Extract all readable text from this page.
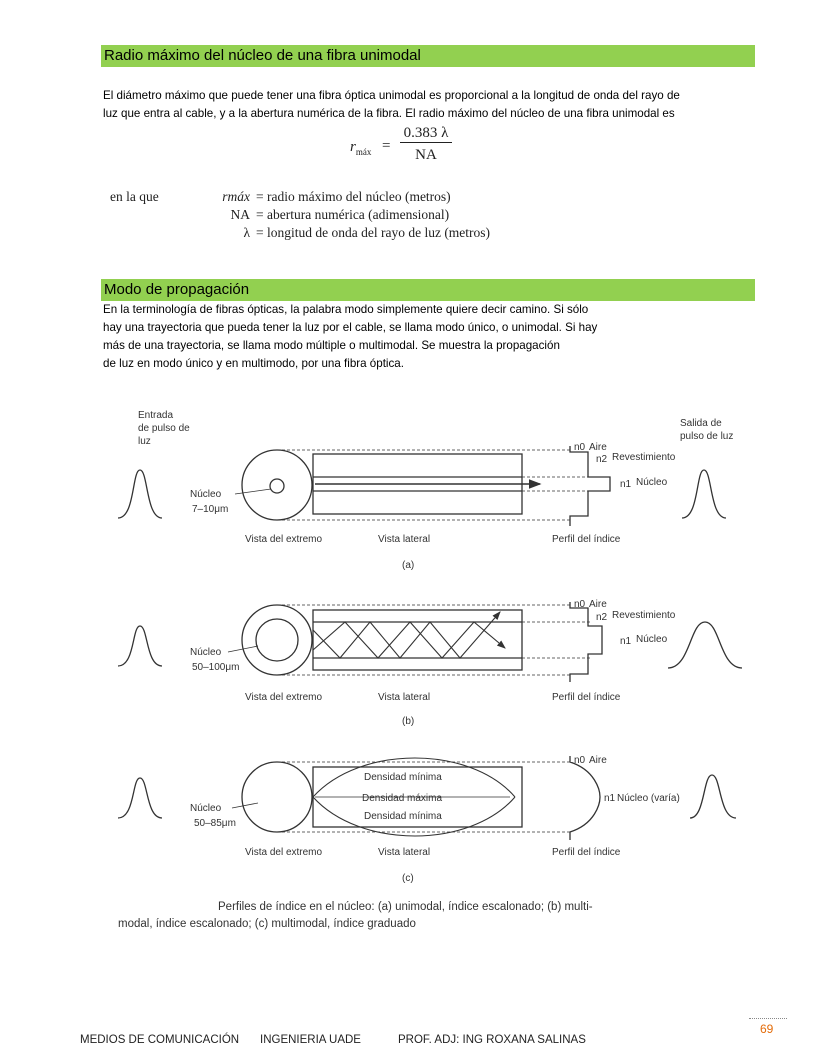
Radio máximo del núcleo de una fibra unimodal
El diámetro máximo que puede tener una fibra óptica unimodal es proporcional a la longitud de onda del rayo de
luz que entra al cable, y a la abertura numérica de la fibra. El radio máximo del núcleo de una fibra unimodal es
$r_{máx}$ =
0.383 λ
NA
en la que	rmáx = radio máximo del núcleo (metros)
NA = abertura numérica (adimensional)
λ = longitud de onda del rayo de luz (metros)
Modo de propagación
En la terminología de fibras ópticas, la palabra modo simplemente quiere decir camino. Si sólo
hay una trayectoria que pueda tener la luz por el cable, se llama modo único, o unimodal. Si hay
más de una trayectoria, se llama modo múltiple o multimodal. Se muestra la propagación
de luz en modo único y en multimodo, por una fibra óptica.
Entrada
de pulso de
luz
Salida de
pulso de luz
Núcleo
7–10μm
n0 Aire
n2 Revestimiento
n1 Núcleo
Vista del extremo	Vista lateral	Perfil del índice
(a)
Núcleo
50–100μm
n0 Aire
n2 Revestimiento
n1 Núcleo
Vista del extremo	Vista lateral	Perfil del índice
(b)
Núcleo
50–85μm
Densidad mínima
Densidad máxima
Densidad mínima
n0 Aire
n1 Núcleo (varía)
Vista del extremo	Vista lateral	Perfil del índice
(c)
Perfiles de índice en el núcleo: (a) unimodal, índice escalonado; (b) multi-
modal, índice escalonado; (c) multimodal, índice graduado
69
MEDIOS DE COMUNICACIÓN INGENIERIA UADE	PROF. ADJ: ING ROXANA SALINAS
